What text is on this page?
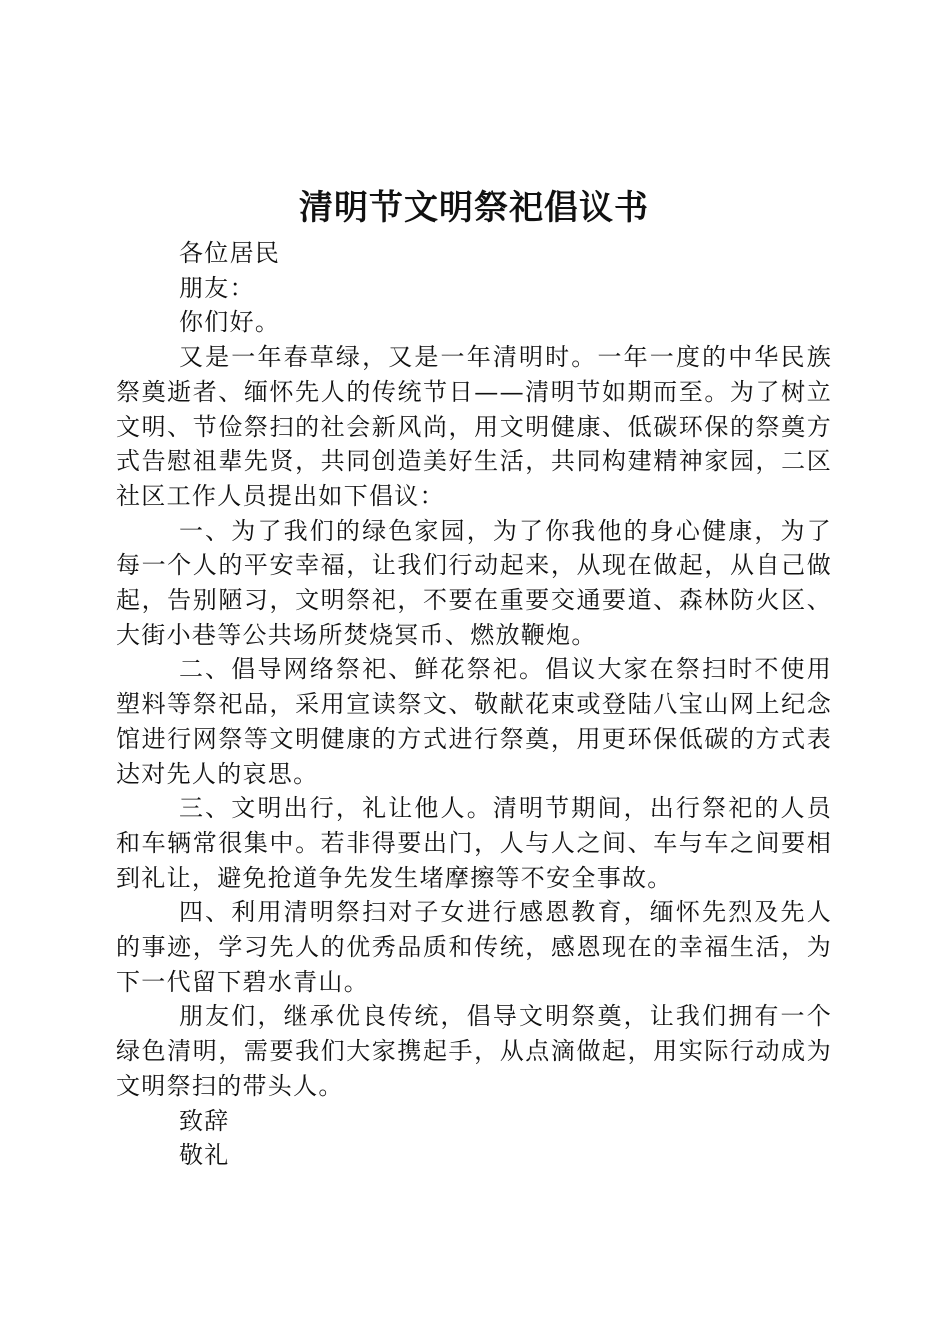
清明节文明祭祀倡议书

各位居民

朋友：

你们好。

又是一年春草绿，又是一年清明时。一年一度的中华民族祭奠逝者、缅怀先人的传统节日——清明节如期而至。为了树立文明、节俭祭扫的社会新风尚，用文明健康、低碳环保的祭奠方式告慰祖辈先贤，共同创造美好生活，共同构建精神家园，二区社区工作人员提出如下倡议：

一、为了我们的绿色家园，为了你我他的身心健康，为了每一个人的平安幸福，让我们行动起来，从现在做起，从自己做起，告别陋习，文明祭祀，不要在重要交通要道、森林防火区、大街小巷等公共场所焚烧冥币、燃放鞭炮。

二、倡导网络祭祀、鲜花祭祀。倡议大家在祭扫时不使用塑料等祭祀品，采用宣读祭文、敬献花束或登陆八宝山网上纪念馆进行网祭等文明健康的方式进行祭奠，用更环保低碳的方式表达对先人的哀思。

三、文明出行，礼让他人。清明节期间，出行祭祀的人员和车辆常很集中。若非得要出门，人与人之间、车与车之间要相到礼让，避免抢道争先发生堵摩擦等不安全事故。

四、利用清明祭扫对子女进行感恩教育，缅怀先烈及先人的事迹，学习先人的优秀品质和传统，感恩现在的幸福生活，为下一代留下碧水青山。

朋友们，继承优良传统，倡导文明祭奠，让我们拥有一个绿色清明，需要我们大家携起手，从点滴做起，用实际行动成为文明祭扫的带头人。

致辞

敬礼
